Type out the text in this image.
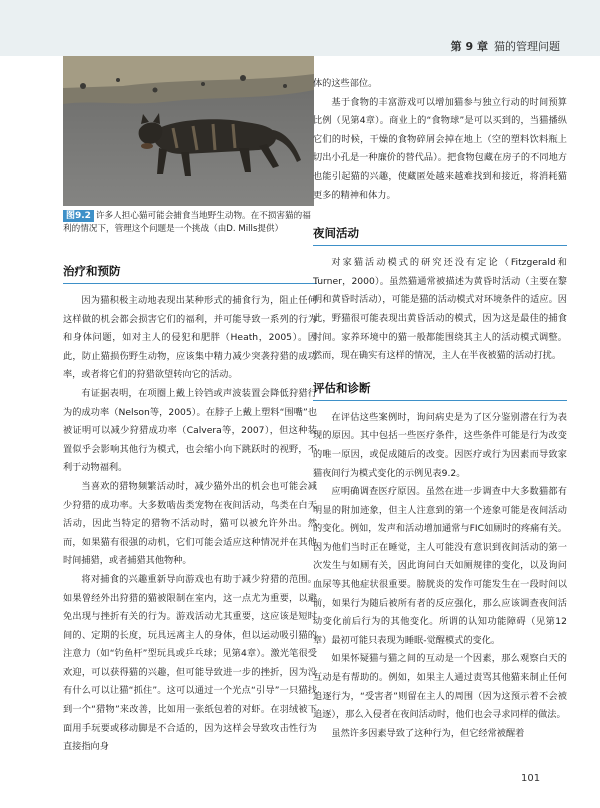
第 9 章 猫的管理问题
图9.2 许多人担心猫可能会捕食当地野生动物。在不损害猫的福利的情况下，管理这个问题是一个挑战（由D. Mills提供）
治疗和预防

因为猫积极主动地表现出某种形式的捕食行为，阻止任何这样做的机会都会损害它们的福利，并可能导致一系列的行为和身体问题，如对主人的侵犯和肥胖（Heath，2005）。因此，防止猫损伤野生动物，应该集中精力减少突袭狩猎的成功率，或者将它们的狩猎欲望转向它的活动。

有证据表明，在项圈上戴上铃铛或声波装置会降低狩猎行为的成功率（Nelson等，2005）。在脖子上戴上塑料“围嘴”也被证明可以减少狩猎成功率（Calvera等，2007），但这种装置似乎会影响其他行为模式，也会缩小向下跳跃时的视野，不利于动物福利。

当喜欢的猎物频繁活动时，减少猫外出的机会也可能会减少狩猎的成功率。大多数啮齿类宠物在夜间活动，鸟类在白天活动，因此当特定的猎物不活动时，猫可以被允许外出。然而，如果猫有很强的动机，它们可能会适应这种情况并在其他时间捕猎，或者捕猎其他物种。

将对捕食的兴趣重新导向游戏也有助于减少狩猎的范围。如果曾经外出狩猎的猫被限制在室内，这一点尤为重要，以避免出现与挫折有关的行为。游戏活动尤其重要，这应该是短时间的、定期的长度，玩具远离主人的身体，但以运动吸引猫的注意力（如“钓鱼杆”型玩具或乒乓球；见第4章）。激光笔很受欢迎，可以获得猫的兴趣，但可能导致进一步的挫折，因为没有什么可以让猫“抓住”。这可以通过一个光点“引导”一只猫找到一个“猎物”来改善，比如用一张纸包着的对虾。在羽绒被下面用手玩要或移动脚是不合适的，因为这样会导致攻击性行为直接指向身

体的这些部位。

基于食物的丰富游戏可以增加猫参与独立行动的时间预算比例（见第4章）。商业上的“食物球”是可以买到的，当猫播纵它们的时候，干燥的食物碎屑会掉在地上（空的塑料饮料瓶上切出小孔是一种廉价的替代品）。把食物包藏在房子的不同地方也能引起猫的兴趣，使藏匿处越来越难找到和接近，将消耗猫更多的精神和体力。

夜间活动

对家猫活动模式的研究还没有定论（Fitzgerald和Turner，2000）。虽然猫通常被描述为黄昏时活动（主要在黎明和黄昏时活动），可能是猫的活动模式对环境条件的适应。因此，野猫很可能表现出黄昏活动的模式，因为这是最佳的捕食时间。家养环境中的猫一般都能围绕其主人的活动模式调整。然而，现在确实有这样的情况，主人在半夜被猫的活动打扰。

评估和诊断

在评估这些案例时，询问病史是为了区分鉴别潜在行为表现的原因。其中包括一些医疗条件，这些条件可能是行为改变的唯一原因，或促成随后的改变。因医疗或行为因素而导致家猫夜间行为模式变化的示例见表9.2。

应明确调查医疗原因。虽然在进一步调查中大多数猫都有明显的附加迹象，但主人注意到的第一个迹象可能是夜间活动的变化。例如，发声和活动增加通常与FIC如厕时的疼痛有关。因为他们当时正在睡觉，主人可能没有意识到夜间活动的第一次发生与如厕有关，因此询问白天如厕规律的变化，以及询问血尿等其他症状很重要。膀胱炎的发作可能发生在一段时间以前，如果行为随后被所有者的反应强化，那么应该调查夜间活动变化前后行为的其他变化。所谓的认知功能障碍（见第12章）最初可能只表现为睡眠-觉醒模式的变化。

如果怀疑猫与猫之间的互动是一个因素，那么观察白天的互动是有帮助的。例如，如果主人通过责骂其他猫来制止任何追逐行为，“受害者”则留在主人的周围（因为这预示着不会被追逐），那么入侵者在夜间活动时，他们也会寻求同样的做法。

虽然许多因素导致了这种行为，但它经常被醒着

101
